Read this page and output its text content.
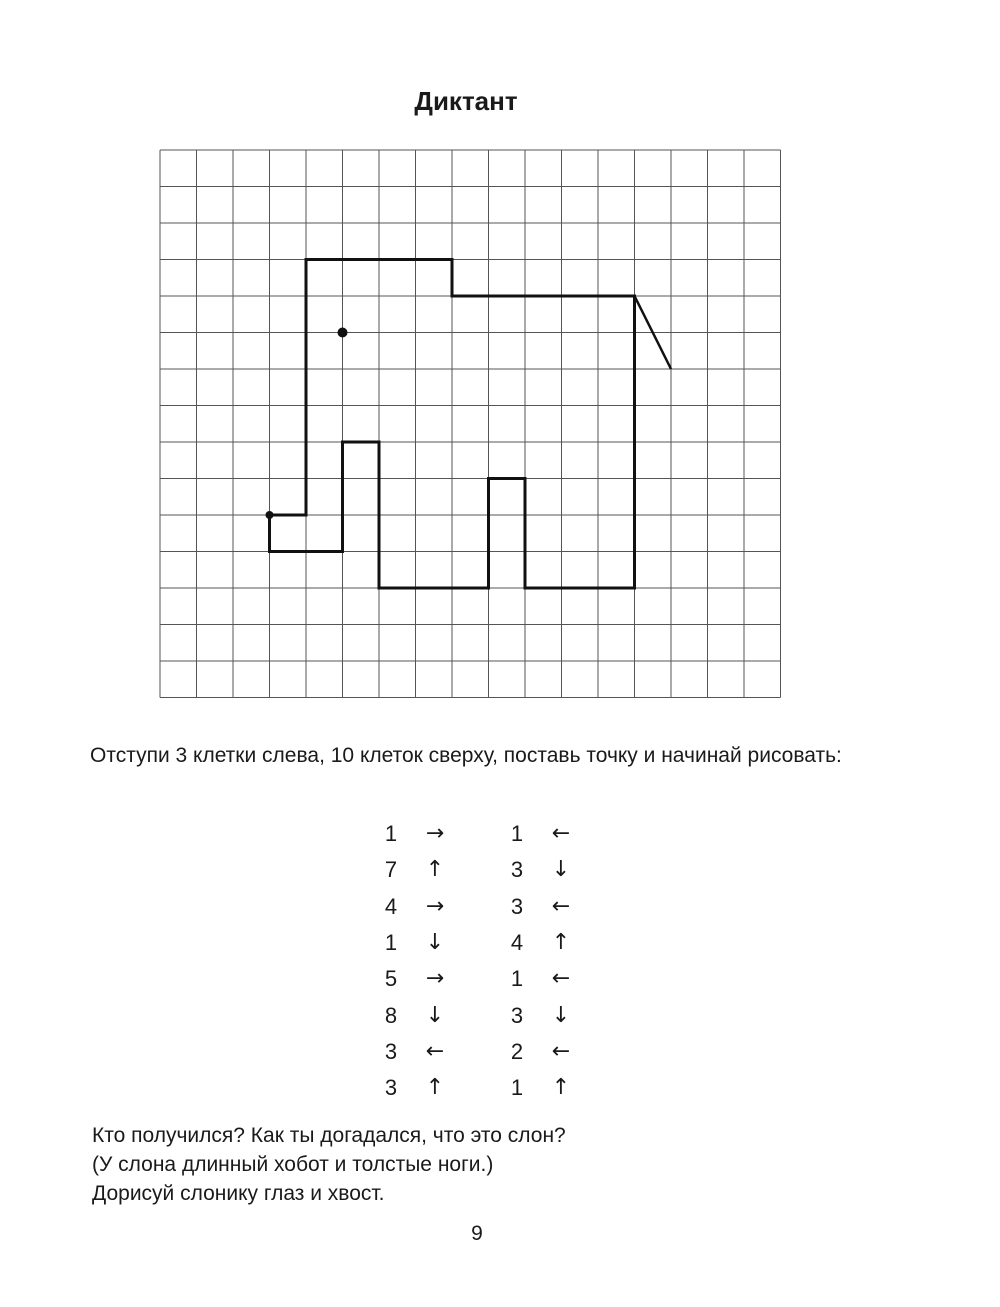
Диктант
Отступи 3 клетки слева, 10 клеток сверху, поставь точку и начинай рисовать:
1	→
7	↑
4	→
1	↓
5	→
8	↓
3	←
3	↑
1	←
3	↓
3	←
4	↑
1	←
3	↓
2	←
1	↑
Кто получился? Как ты догадался, что это слон?
(У слона длинный хобот и толстые ноги.)
Дорисуй слонику глаз и хвост.
9
